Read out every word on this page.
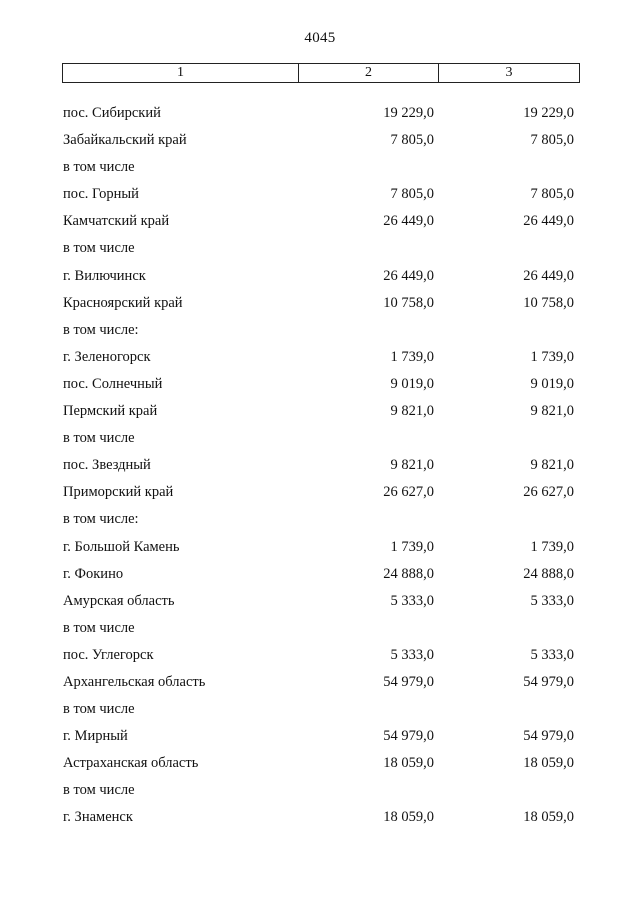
4045
1	2	3
пос. Сибирский	19 229,0	19 229,0
Забайкальский край	7 805,0	7 805,0
в том числе
пос. Горный	7 805,0	7 805,0
Камчатский край	26 449,0	26 449,0
в том числе
г. Вилючинск	26 449,0	26 449,0
Красноярский край	10 758,0	10 758,0
в том числе:
г. Зеленогорск	1 739,0	1 739,0
пос. Солнечный	9 019,0	9 019,0
Пермский край	9 821,0	9 821,0
в том числе
пос. Звездный	9 821,0	9 821,0
Приморский край	26 627,0	26 627,0
в том числе:
г. Большой Камень	1 739,0	1 739,0
г. Фокино	24 888,0	24 888,0
Амурская область	5 333,0	5 333,0
в том числе
пос. Углегорск	5 333,0	5 333,0
Архангельская область	54 979,0	54 979,0
в том числе
г. Мирный	54 979,0	54 979,0
Астраханская область	18 059,0	18 059,0
в том числе
г. Знаменск	18 059,0	18 059,0
